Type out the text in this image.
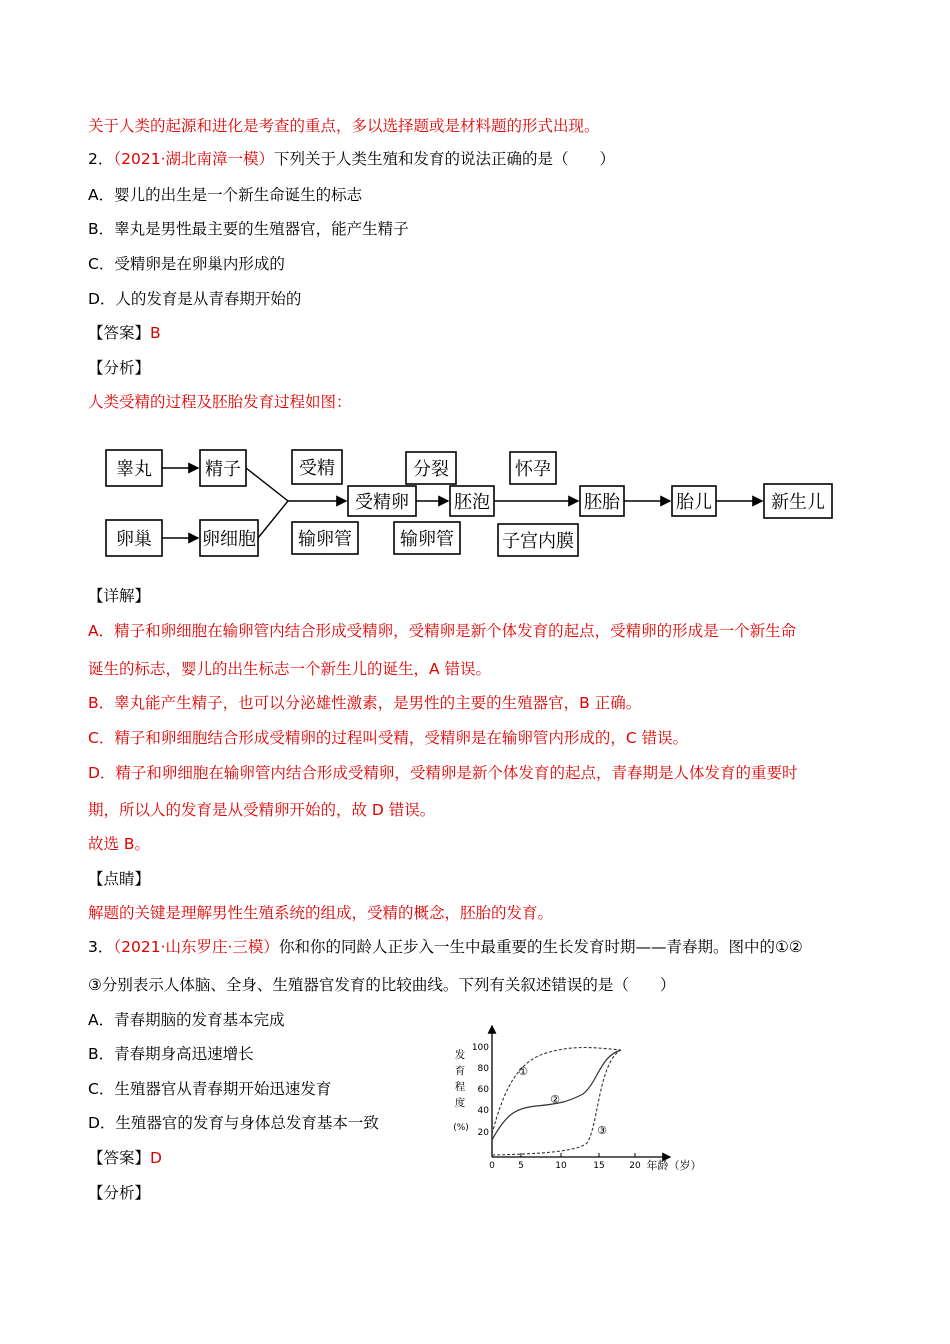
关于人类的起源和进化是考查的重点，多以选择题或是材料题的形式出现。

2．（2021·湖北南漳一模）下列关于人类生殖和发育的说法正确的是（　　）

A．婴儿的出生是一个新生命诞生的标志

B．睾丸是男性最主要的生殖器官，能产生精子

C．受精卵是在卵巢内形成的

D．人的发育是从青春期开始的

【答案】B

【分析】

人类受精的过程及胚胎发育过程如图：

睾丸	精子
卵巢	卵细胞
受精
输卵管
受精卵
分裂
输卵管
胚泡
怀孕
子宫内膜
胚胎	胎儿	新生儿

【详解】

A．精子和卵细胞在输卵管内结合形成受精卵，受精卵是新个体发育的起点，受精卵的形成是一个新生命

诞生的标志，婴儿的出生标志一个新生儿的诞生，A 错误。

B．睾丸能产生精子，也可以分泌雄性激素，是男性的主要的生殖器官，B 正确。

C．精子和卵细胞结合形成受精卵的过程叫受精，受精卵是在输卵管内形成的，C 错误。

D．精子和卵细胞在输卵管内结合形成受精卵，受精卵是新个体发育的起点，青春期是人体发育的重要时

期，所以人的发育是从受精卵开始的，故 D 错误。

故选 B。

【点睛】

解题的关键是理解男性生殖系统的组成，受精的概念，胚胎的发育。

3．（2021·山东罗庄·三模）你和你的同龄人正步入一生中最重要的生长发育时期——青春期。图中的①②

③分别表示人体脑、全身、生殖器官发育的比较曲线。下列有关叙述错误的是（　　）

A．青春期脑的发育基本完成

B．青春期身高迅速增长

C．生殖器官从青春期开始迅速发育

D．生殖器官的发育与身体总发育基本一致

【答案】D

【分析】

发
育
程
度
(%)
100
80
60
40
20
0	5	10	15	20 年龄（岁）
①
②
③
